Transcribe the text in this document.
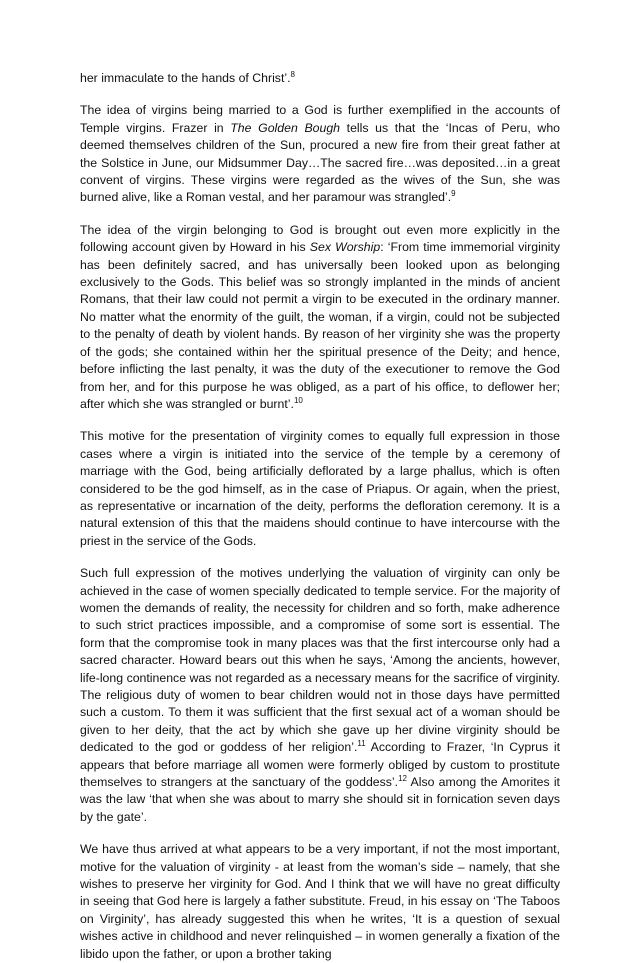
her immaculate to the hands of Christ’.$^8$

The idea of virgins being married to a God is further exemplified in the accounts of Temple virgins. Frazer in The Golden Bough tells us that the ‘Incas of Peru, who deemed themselves children of the Sun, procured a new fire from their great father at the Solstice in June, our Midsummer Day…The sacred fire…was deposited…in a great convent of virgins. These virgins were regarded as the wives of the Sun, she was burned alive, like a Roman vestal, and her paramour was strangled’.$^9$

The idea of the virgin belonging to God is brought out even more explicitly in the following account given by Howard in his Sex Worship: ‘From time immemorial virginity has been definitely sacred, and has universally been looked upon as belonging exclusively to the Gods. This belief was so strongly implanted in the minds of ancient Romans, that their law could not permit a virgin to be executed in the ordinary manner. No matter what the enormity of the guilt, the woman, if a virgin, could not be subjected to the penalty of death by violent hands. By reason of her virginity she was the property of the gods; she contained within her the spiritual presence of the Deity; and hence, before inflicting the last penalty, it was the duty of the executioner to remove the God from her, and for this purpose he was obliged, as a part of his office, to deflower her; after which she was strangled or burnt’.$^{10}$

This motive for the presentation of virginity comes to equally full expression in those cases where a virgin is initiated into the service of the temple by a ceremony of marriage with the God, being artificially deflorated by a large phallus, which is often considered to be the god himself, as in the case of Priapus. Or again, when the priest, as representative or incarnation of the deity, performs the defloration ceremony. It is a natural extension of this that the maidens should continue to have intercourse with the priest in the service of the Gods.

Such full expression of the motives underlying the valuation of virginity can only be achieved in the case of women specially dedicated to temple service. For the majority of women the demands of reality, the necessity for children and so forth, make adherence to such strict practices impossible, and a compromise of some sort is essential. The form that the compromise took in many places was that the first intercourse only had a sacred character. Howard bears out this when he says, ‘Among the ancients, however, life-long continence was not regarded as a necessary means for the sacrifice of virginity. The religious duty of women to bear children would not in those days have permitted such a custom. To them it was sufficient that the first sexual act of a woman should be given to her deity, that the act by which she gave up her divine virginity should be dedicated to the god or goddess of her religion’.$^{11}$ According to Frazer, ‘In Cyprus it appears that before marriage all women were formerly obliged by custom to prostitute themselves to strangers at the sanctuary of the goddess’.$^{12}$ Also among the Amorites it was the law ‘that when she was about to marry she should sit in fornication seven days by the gate’.

We have thus arrived at what appears to be a very important, if not the most important, motive for the valuation of virginity - at least from the woman’s side – namely, that she wishes to preserve her virginity for God. And I think that we will have no great difficulty in seeing that God here is largely a father substitute. Freud, in his essay on ‘The Taboos on Virginity’, has already suggested this when he writes, ‘It is a question of sexual wishes active in childhood and never relinquished – in women generally a fixation of the libido upon the father, or upon a brother taking
